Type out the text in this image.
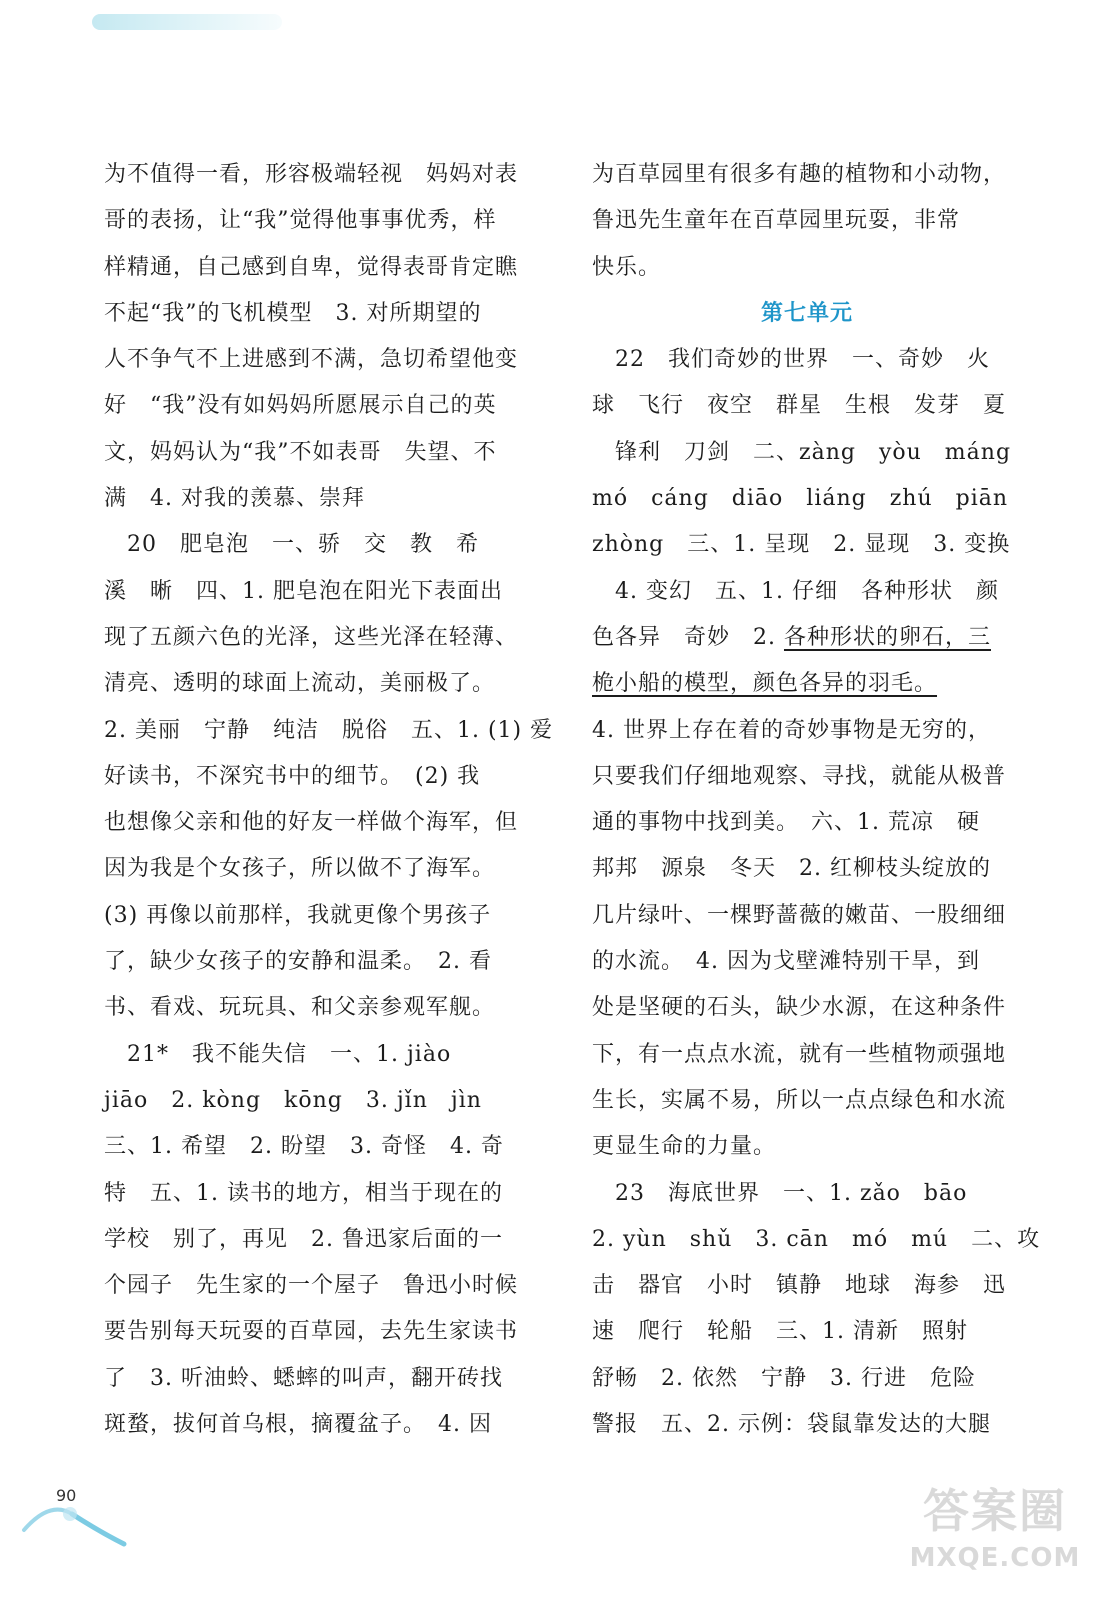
为不值得一看，形容极端轻视　妈妈对表
哥的表扬，让“我”觉得他事事优秀，样
样精通，自己感到自卑，觉得表哥肯定瞧
不起“我”的飞机模型　3. 对所期望的
人不争气不上进感到不满，急切希望他变
好　“我”没有如妈妈所愿展示自己的英
文，妈妈认为“我”不如表哥　失望、不
满　4. 对我的羡慕、崇拜
　20　肥皂泡　一、骄　交　教　希
溪　晰　四、1. 肥皂泡在阳光下表面出
现了五颜六色的光泽，这些光泽在轻薄、
清亮、透明的球面上流动，美丽极了。
2. 美丽　宁静　纯洁　脱俗　五、1. (1) 爱
好读书，不深究书中的细节。　(2) 我
也想像父亲和他的好友一样做个海军，但
因为我是个女孩子，所以做不了海军。
(3) 再像以前那样，我就更像个男孩子
了，缺少女孩子的安静和温柔。　2. 看
书、看戏、玩玩具、和父亲参观军舰。
　21*　我不能失信　一、1. jiào
jiāo　2. kòng　kōng　3. jǐn　jìn
三、1. 希望　2. 盼望　3. 奇怪　4. 奇
特　五、1. 读书的地方，相当于现在的
学校　别了，再见　2. 鲁迅家后面的一
个园子　先生家的一个屋子　鲁迅小时候
要告别每天玩耍的百草园，去先生家读书
了　3. 听油蛉、蟋蟀的叫声，翻开砖找
斑蝥，拔何首乌根，摘覆盆子。　4. 因
为百草园里有很多有趣的植物和小动物，
鲁迅先生童年在百草园里玩耍，非常
快乐。
第七单元
　22　我们奇妙的世界　一、奇妙　火
球　飞行　夜空　群星　生根　发芽　夏
　锋利　刀剑　二、zàng　yòu　máng
mó　cáng　diāo　liáng　zhú　piān
zhòng　三、1. 呈现　2. 显现　3. 变换
　4. 变幻　五、1. 仔细　各种形状　颜
色各异　奇妙　2. 各种形状的卵石，三
桅小船的模型，颜色各异的羽毛。
4. 世界上存在着的奇妙事物是无穷的，
只要我们仔细地观察、寻找，就能从极普
通的事物中找到美。　六、1. 荒凉　硬
邦邦　源泉　冬天　2. 红柳枝头绽放的
几片绿叶、一棵野蔷薇的嫩苗、一股细细
的水流。　4. 因为戈壁滩特别干旱，到
处是坚硬的石头，缺少水源，在这种条件
下，有一点点水流，就有一些植物顽强地
生长，实属不易，所以一点点绿色和水流
更显生命的力量。
　23　海底世界　一、1. zǎo　bāo
2. yùn　shǔ　3. cān　mó　mú　二、攻
击　器官　小时　镇静　地球　海参　迅
速　爬行　轮船　三、1. 清新　照射
舒畅　2. 依然　宁静　3. 行进　危险
警报　五、2. 示例：袋鼠靠发达的大腿
90	答案圈
MXQE.COM
